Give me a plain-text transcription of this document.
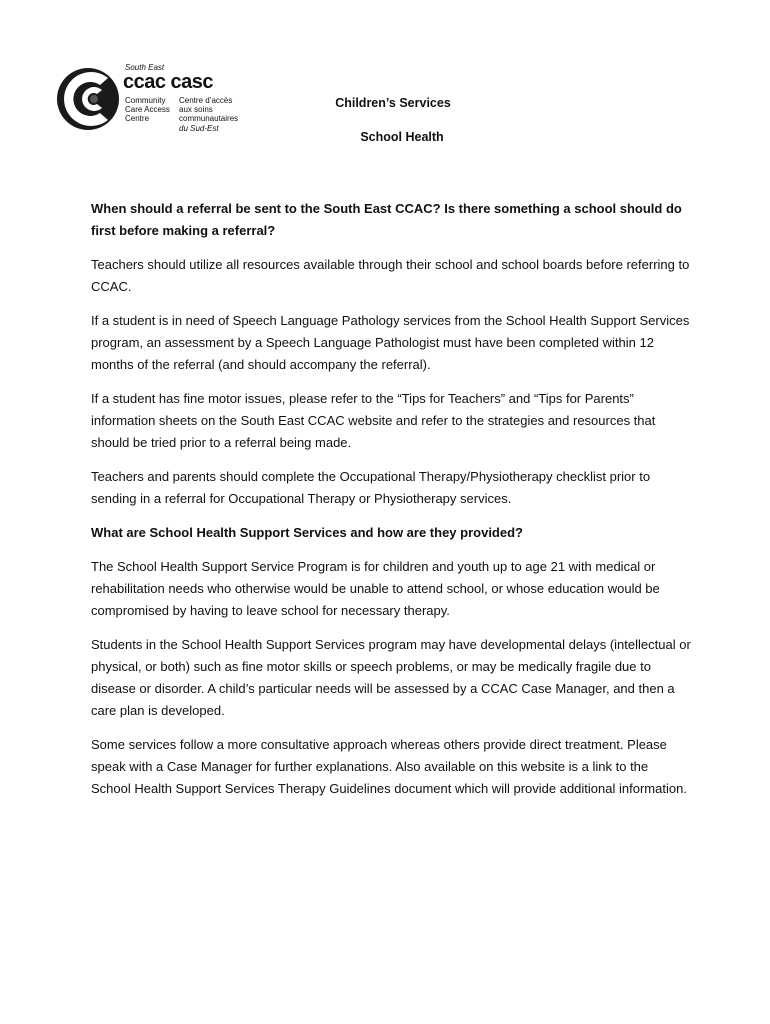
South East
ccac casc
Community
Care Access
Centre
Centre d’accès
aux soins
communautaires
du Sud-Est
Children’s Services
School Health

When should a referral be sent to the South East CCAC? Is there something a school should do first before making a referral?

Teachers should utilize all resources available through their school and school boards before referring to CCAC.

If a student is in need of Speech Language Pathology services from the School Health Support Services program, an assessment by a Speech Language Pathologist must have been completed within 12 months of the referral (and should accompany the referral).

If a student has fine motor issues, please refer to the “Tips for Teachers” and “Tips for Parents” information sheets on the South East CCAC website and refer to the strategies and resources that should be tried prior to a referral being made.

Teachers and parents should complete the Occupational Therapy/Physiotherapy checklist prior to sending in a referral for Occupational Therapy or Physiotherapy services.

What are School Health Support Services and how are they provided?

The School Health Support Service Program is for children and youth up to age 21 with medical or rehabilitation needs who otherwise would be unable to attend school, or whose education would be compromised by having to leave school for necessary therapy.

Students in the School Health Support Services program may have developmental delays (intellectual or physical, or both) such as fine motor skills or speech problems, or may be medically fragile due to disease or disorder. A child’s particular needs will be assessed by a CCAC Case Manager, and then a care plan is developed.

Some services follow a more consultative approach whereas others provide direct treatment. Please speak with a Case Manager for further explanations. Also available on this website is a link to the School Health Support Services Therapy Guidelines document which will provide additional information.
